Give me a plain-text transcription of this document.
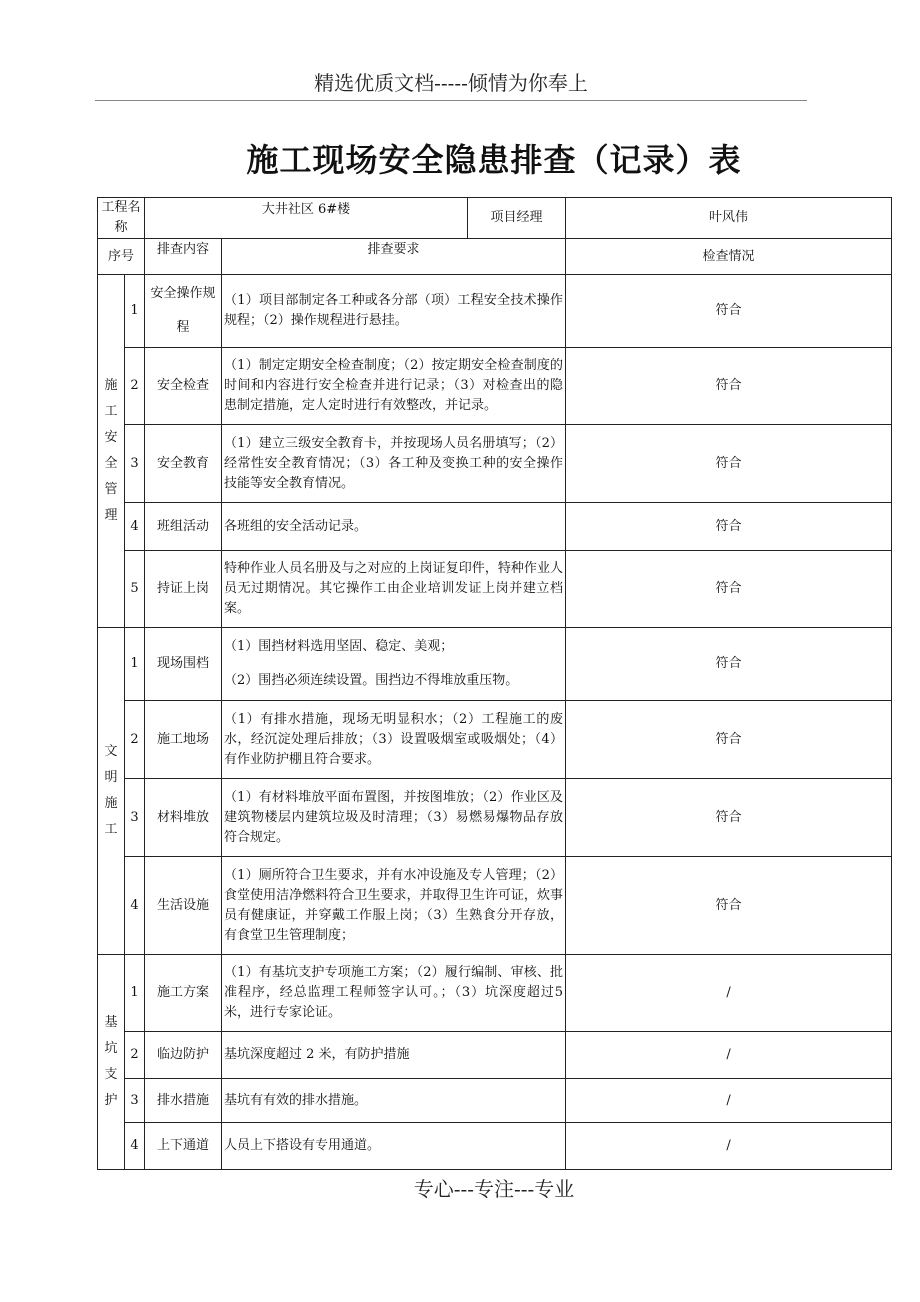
精选优质文档-----倾情为你奉上
施工现场安全隐患排查（记录）表
工程名称		大井社区 6#楼		项目经理	叶风伟
序号		排查内容	排查要求		检查情况
施工安全管理	1	安全操作规程	（1）项目部制定各工种或各分部（项）工程安全技术操作规程；（2）操作规程进行悬挂。		符合
	2	安全检查	（1）制定定期安全检查制度；（2）按定期安全检查制度的时间和内容进行安全检查并进行记录；（3）对检查出的隐患制定措施，定人定时进行有效整改，并记录。		符合
	3	安全教育	（1）建立三级安全教育卡，并按现场人员名册填写；（2）经常性安全教育情况；（3）各工种及变换工种的安全操作技能等安全教育情况。		符合
	4	班组活动	各班组的安全活动记录。		符合
	5	持证上岗	特种作业人员名册及与之对应的上岗证复印件，特种作业人员无过期情况。其它操作工由企业培训发证上岗并建立档案。		符合
文明施工	1	现场围档	（1）围挡材料选用坚固、稳定、美观；
（2）围挡必须连续设置。围挡边不得堆放重压物。		符合
	2	施工地场	（1）有排水措施，现场无明显积水；（2）工程施工的废水，经沉淀处理后排放；（3）设置吸烟室或吸烟处；（4）有作业防护棚且符合要求。		符合
	3	材料堆放	（1）有材料堆放平面布置图，并按图堆放；（2）作业区及建筑物楼层内建筑垃圾及时清理；（3）易燃易爆物品存放符合规定。		符合
	4	生活设施	（1）厕所符合卫生要求，并有水冲设施及专人管理；（2）食堂使用洁净燃料符合卫生要求，并取得卫生许可证，炊事员有健康证，并穿戴工作服上岗；（3）生熟食分开存放，有食堂卫生管理制度；		符合
基坑支护	1	施工方案	（1）有基坑支护专项施工方案；（2）履行编制、审核、批准程序，经总监理工程师签字认可。；（3）坑深度超过5米，进行专家论证。		/
	2	临边防护	基坑深度超过 2 米，有防护措施		/
	3	排水措施	基坑有有效的排水措施。		/
	4	上下通道	人员上下搭设有专用通道。		/
专心---专注---专业
